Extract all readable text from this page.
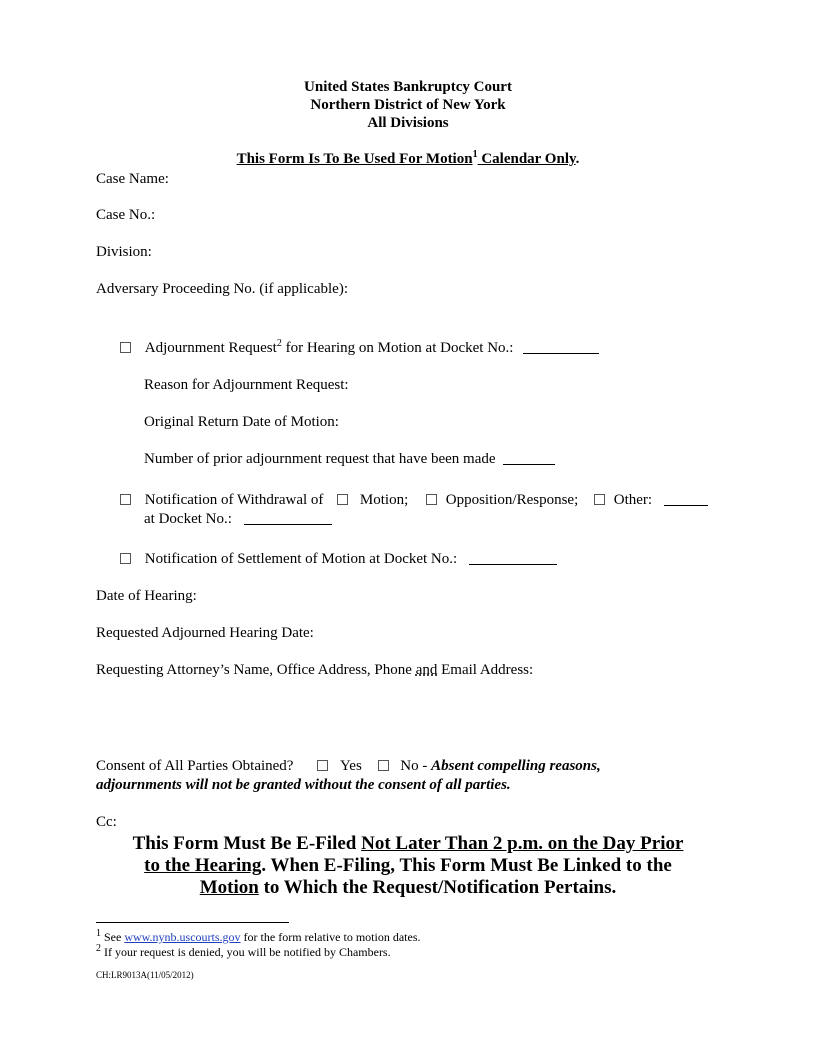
United States Bankruptcy Court
Northern District of New York
All Divisions
This Form Is To Be Used For Motion$^1$ Calendar Only.
Case Name:
Case No.:
Division:
Adversary Proceeding No. (if applicable):
Adjournment Request$^2$ for Hearing on Motion at Docket No.:
Reason for Adjournment Request:
Original Return Date of Motion:
Number of prior adjournment request that have been made
Notification of Withdrawal of Motion;	Opposition/Response; Other:
at Docket No.:
Notification of Settlement of Motion at Docket No.:
Date of Hearing:
Requested Adjourned Hearing Date:
Requesting Attorney’s Name, Office Address, Phone and Email Address:
Consent of All Parties Obtained?	Yes	No - Absent compelling reasons,
adjournments will not be granted without the consent of all parties.
Cc:
This Form Must Be E-Filed Not Later Than 2 p.m. on the Day Prior
to the Hearing. When E-Filing, This Form Must Be Linked to the
Motion to Which the Request/Notification Pertains.
$^1$ See www.nynb.uscourts.gov for the form relative to motion dates.
$^2$ If your request is denied, you will be notified by Chambers.
CH:LR9013A(11/05/2012)
